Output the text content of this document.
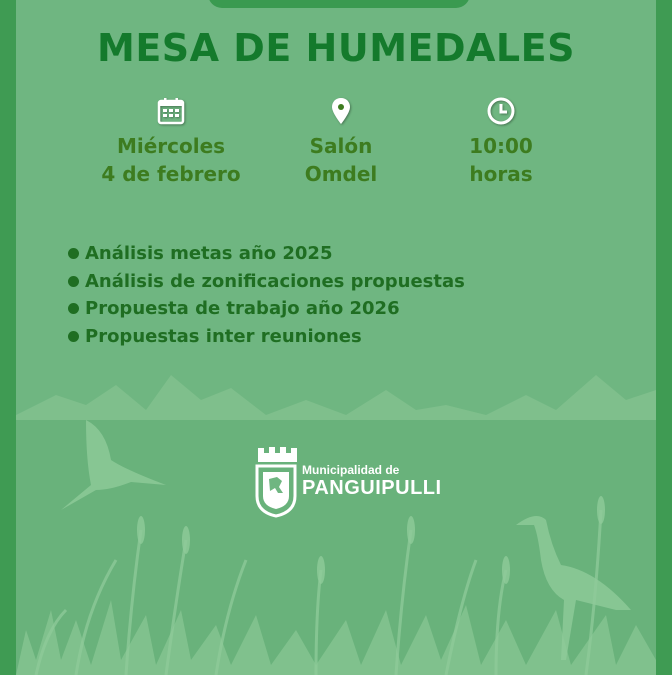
MESA DE HUMEDALES
Miércoles
4 de febrero
Salón
Omdel
10:00
horas
Análisis metas año 2025
Análisis de zonificaciones propuestas
Propuesta de trabajo año 2026
Propuestas inter reuniones
Municipalidad de
PANGUIPULLI
